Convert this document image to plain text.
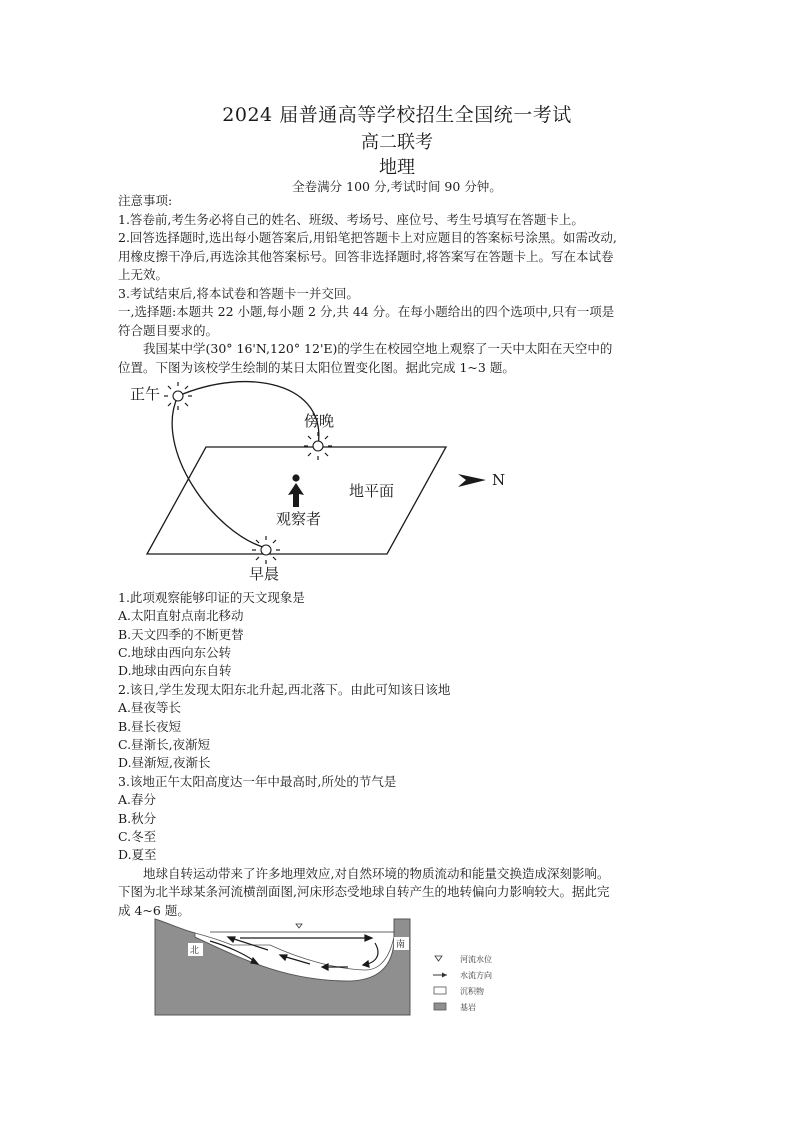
2024 届普通高等学校招生全国统一考试
高二联考
地理
全卷满分 100 分,考试时间 90 分钟。
注意事项:
1.答卷前,考生务必将自己的姓名、班级、考场号、座位号、考生号填写在答题卡上。
2.回答选择题时,选出每小题答案后,用铅笔把答题卡上对应题目的答案标号涂黑。如需改动,
用橡皮擦干净后,再选涂其他答案标号。回答非选择题时,将答案写在答题卡上。写在本试卷
上无效。
3.考试结束后,将本试卷和答题卡一并交回。
一,选择题:本题共 22 小题,每小题 2 分,共 44 分。在每小题给出的四个选项中,只有一项是
符合题目要求的。
我国某中学(30° 16'N,120° 12'E)的学生在校园空地上观察了一天中太阳在天空中的
位置。下图为该校学生绘制的某日太阳位置变化图。据此完成 1~3 题。
正午
傍晚
早晨
地平面
观察者
N
1.此项观察能够印证的天文现象是
A.太阳直射点南北移动
B.天文四季的不断更替
C.地球由西向东公转
D.地球由西向东自转
2.该日,学生发现太阳东北升起,西北落下。由此可知该日该地
A.昼夜等长
B.昼长夜短
C.昼渐长,夜渐短
D.昼渐短,夜渐长
3.该地正午太阳高度达一年中最高时,所处的节气是
A.春分
B.秋分
C.冬至
D.夏至
地球自转运动带来了许多地理效应,对自然环境的物质流动和能量交换造成深刻影响。
下图为北半球某条河流横剖面图,河床形态受地球自转产生的地转偏向力影响较大。据此完
成 4~6 题。
北
南
河流水位
水流方向
沉积物
基岩
